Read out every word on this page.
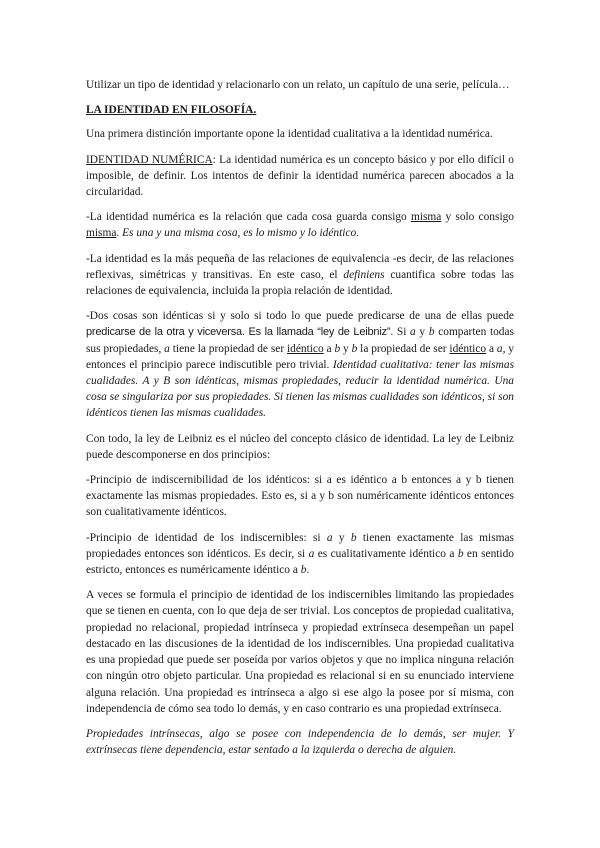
Utilizar un tipo de identidad y relacionarlo con un relato, un capítulo de una serie, película…

LA IDENTIDAD EN FILOSOFÍA.

Una primera distinción importante opone la identidad cualitativa a la identidad numérica.

IDENTIDAD NUMÉRICA: La identidad numérica es un concepto básico y por ello difícil o imposible, de definir. Los intentos de definir la identidad numérica parecen abocados a la circularidad.

-La identidad numérica es la relación que cada cosa guarda consigo misma y solo consigo misma. Es una y una misma cosa, es lo mismo y lo idéntico.

-La identidad es la más pequeña de las relaciones de equivalencia -es decir, de las relaciones reflexivas, simétricas y transitivas. En este caso, el definiens cuantifica sobre todas las relaciones de equivalencia, incluida la propia relación de identidad.

-Dos cosas son idénticas si y solo si todo lo que puede predicarse de una de ellas puede predicarse de la otra y viceversa. Es la llamada “ley de Leibniz”. Si a y b comparten todas sus propiedades, a tiene la propiedad de ser idéntico a b y b la propiedad de ser idéntico a a, y entonces el principio parece indiscutible pero trivial. Identidad cualitativa: tener las mismas cualidades. A y B son idénticas, mismas propiedades, reducir la identidad numérica. Una cosa se singulariza por sus propiedades. Si tienen las mismas cualidades son idénticos, si son idénticos tienen las mismas cualidades.

Con todo, la ley de Leibniz es el núcleo del concepto clásico de identidad. La ley de Leibniz puede descomponerse en dos principios:

-Principio de indiscernibilidad de los idénticos: si a es idéntico a b entonces a y b tienen exactamente las mismas propiedades. Esto es, si a y b son numéricamente idénticos entonces son cualitativamente idénticos.

-Principio de identidad de los indiscernibles: si a y b tienen exactamente las mismas propiedades entonces son idénticos. Es decir, si a es cualitativamente idéntico a b en sentido estricto, entonces es numéricamente idéntico a b.

A veces se formula el principio de identidad de los indiscernibles limitando las propiedades que se tienen en cuenta, con lo que deja de ser trivial. Los conceptos de propiedad cualitativa, propiedad no relacional, propiedad intrínseca y propiedad extrínseca desempeñan un papel destacado en las discusiones de la identidad de los indiscernibles. Una propiedad cualitativa es una propiedad que puede ser poseída por varios objetos y que no implica ninguna relación con ningún otro objeto particular. Una propiedad es relacional si en su enunciado interviene alguna relación. Una propiedad es intrínseca a algo si ese algo la posee por sí misma, con independencia de cómo sea todo lo demás, y en caso contrario es una propiedad extrínseca.

Propiedades intrínsecas, algo se posee con independencia de lo demás, ser mujer. Y extrínsecas tiene dependencia, estar sentado a la izquierda o derecha de alguien.
